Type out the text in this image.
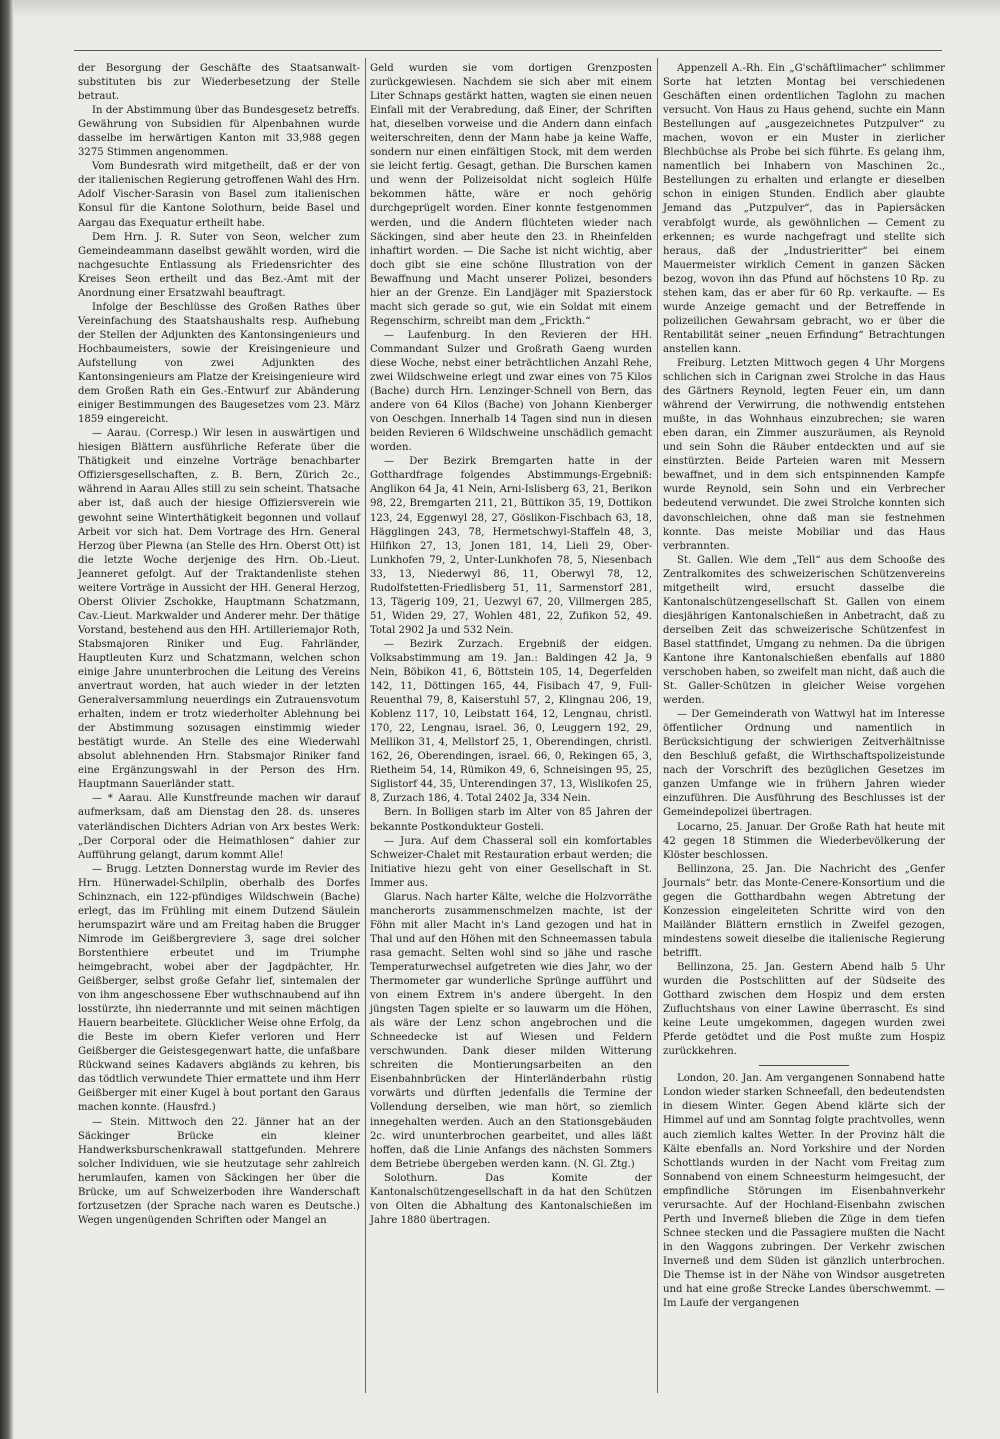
der Besorgung der Geschäfte des Staatsanwalt-substituten bis zur Wiederbesetzung der Stelle betraut.

In der Abstimmung über das Bundesgesetz betreffs. Gewährung von Subsidien für Alpenbahnen wurde dasselbe im herwärtigen Kanton mit 33,988 gegen 3275 Stimmen angenommen.

Vom Bundesrath wird mitgetheilt, daß er der von der italienischen Regierung getroffenen Wahl des Hrn. Adolf Vischer-Sarasin von Basel zum italienischen Konsul für die Kantone Solothurn, beide Basel und Aargau das Exequatur ertheilt habe.

Dem Hrn. J. R. Suter von Seon, welcher zum Gemeindeammann daselbst gewählt worden, wird die nachgesuchte Entlassung als Friedensrichter des Kreises Seon ertheilt und das Bez.-Amt mit der Anordnung einer Ersatzwahl beauftragt.

Infolge der Beschlüsse des Großen Rathes über Vereinfachung des Staatshaushalts resp. Aufhebung der Stellen der Adjunkten des Kantonsingenieurs und Hochbaumeisters, sowie der Kreisingenieure und Aufstellung von zwei Adjunkten des Kantonsingenieurs am Platze der Kreisingenieure wird dem Großen Rath ein Ges.-Entwurf zur Abänderung einiger Bestimmungen des Baugesetzes vom 23. März 1859 eingereicht.

— Aarau. (Corresp.) Wir lesen in auswärtigen und hiesigen Blättern ausführliche Referate über die Thätigkeit und einzelne Vorträge benachbarter Offiziersgesellschaften, z. B. Bern, Zürich 2c., während in Aarau Alles still zu sein scheint. Thatsache aber ist, daß auch der hiesige Offiziersverein wie gewohnt seine Winterthätigkeit begonnen und vollauf Arbeit vor sich hat. Dem Vortrage des Hrn. General Herzog über Plewna (an Stelle des Hrn. Oberst Ott) ist die letzte Woche derjenige des Hrn. Ob.-Lieut. Jeanneret gefolgt. Auf der Traktandenliste stehen weitere Vorträge in Aussicht der HH. General Herzog, Oberst Olivier Zschokke, Hauptmann Schatzmann, Cav.-Lieut. Markwalder und Anderer mehr. Der thätige Vorstand, bestehend aus den HH. Artilleriemajor Roth, Stabsmajoren Riniker und Eug. Fahrländer, Hauptleuten Kurz und Schatzmann, welchen schon einige Jahre ununterbrochen die Leitung des Vereins anvertraut worden, hat auch wieder in der letzten Generalversammlung neuerdings ein Zutrauensvotum erhalten, indem er trotz wiederholter Ablehnung bei der Abstimmung sozusagen einstimmig wieder bestätigt wurde. An Stelle des eine Wiederwahl absolut ablehnenden Hrn. Stabsmajor Riniker fand eine Ergänzungswahl in der Person des Hrn. Hauptmann Sauerländer statt.

— * Aarau. Alle Kunstfreunde machen wir darauf aufmerksam, daß am Dienstag den 28. ds. unseres vaterländischen Dichters Adrian von Arx bestes Werk: „Der Corporal oder die Heimathlosen“ dahier zur Aufführung gelangt, darum kommt Alle!

— Brugg. Letzten Donnerstag wurde im Revier des Hrn. Hünerwadel-Schilplin, oberhalb des Dorfes Schinznach, ein 122-pfündiges Wildschwein (Bache) erlegt, das im Frühling mit einem Dutzend Säulein herumspazirt wäre und am Freitag haben die Brugger Nimrode im Geißbergreviere 3, sage drei solcher Borstenthiere erbeutet und im Triumphe heimgebracht, wobei aber der Jagdpächter, Hr. Geißberger, selbst große Gefahr lief, sintemalen der von ihm angeschossene Eber wuthschnaubend auf ihn losstürzte, ihn niederrannte und mit seinen mächtigen Hauern bearbeitete. Glücklicher Weise ohne Erfolg, da die Beste im obern Kiefer verloren und Herr Geißberger die Geistesgegenwart hatte, die unfaßbare Rückwand seines Kadavers abgiänds zu kehren, bis das tödtlich verwundete Thier ermattete und ihm Herr Geißberger mit einer Kugel à bout portant den Garaus machen konnte. (Hausfrd.)

— Stein. Mittwoch den 22. Jänner hat an der Säckinger Brücke ein kleiner Handwerksburschenkrawall stattgefunden. Mehrere solcher Individuen, wie sie heutzutage sehr zahlreich herumlaufen, kamen von Säckingen her über die Brücke, um auf Schweizerboden ihre Wanderschaft fortzusetzen (der Sprache nach waren es Deutsche.) Wegen ungenügenden Schriften oder Mangel an

Geld wurden sie vom dortigen Grenzposten zurückgewiesen. Nachdem sie sich aber mit einem Liter Schnaps gestärkt hatten, wagten sie einen neuen Einfall mit der Verabredung, daß Einer, der Schriften hat, dieselben vorweise und die Andern dann einfach weiterschreiten, denn der Mann habe ja keine Waffe, sondern nur einen einfältigen Stock, mit dem werden sie leicht fertig. Gesagt, gethan. Die Burschen kamen und wenn der Polizeisoldat nicht sogleich Hülfe bekommen hätte, wäre er noch gehörig durchgeprügelt worden. Einer konnte festgenommen werden, und die Andern flüchteten wieder nach Säckingen, sind aber heute den 23. in Rheinfelden inhaftirt worden. — Die Sache ist nicht wichtig, aber doch gibt sie eine schöne Illustration von der Bewaffnung und Macht unserer Polizei, besonders hier an der Grenze. Ein Landjäger mit Spazierstock macht sich gerade so gut, wie ein Soldat mit einem Regenschirm, schreibt man dem „Frickth.“

— Laufenburg. In den Revieren der HH. Commandant Sulzer und Großrath Gaeng wurden diese Woche, nebst einer beträchtlichen Anzahl Rehe, zwei Wildschweine erlegt und zwar eines von 75 Kilos (Bache) durch Hrn. Lenzinger-Schnell von Bern, das andere von 64 Kilos (Bache) von Johann Kienberger von Oeschgen. Innerhalb 14 Tagen sind nun in diesen beiden Revieren 6 Wildschweine unschädlich gemacht worden.

— Der Bezirk Bremgarten hatte in der Gotthardfrage folgendes Abstimmungs-Ergebniß: Anglikon 64 Ja, 41 Nein, Arni-Islisberg 63, 21, Berikon 98, 22, Bremgarten 211, 21, Büttikon 35, 19, Dottikon 123, 24, Eggenwyl 28, 27, Göslikon-Fischbach 63, 18, Hägglingen 243, 78, Hermetschwyl-Staffeln 48, 3, Hilfikon 27, 13, Jonen 181, 14, Lieli 29, Ober-Lunkhofen 79, 2, Unter-Lunkhofen 78, 5, Niesenbach 33, 13, Niederwyl 86, 11, Oberwyl 78, 12, Rudolfstetten-Friedlisberg 51, 11, Sarmenstorf 281, 13, Tägerig 109, 21, Uezwyl 67, 20, Villmergen 285, 51, Widen 29, 27, Wohlen 481, 22, Zufikon 52, 49. Total 2902 Ja und 532 Nein.

— Bezirk Zurzach. Ergebniß der eidgen. Volksabstimmung am 19. Jan.: Baldingen 42 Ja, 9 Nein, Böbikon 41, 6, Böttstein 105, 14, Degerfelden 142, 11, Döttingen 165, 44, Fisibach 47, 9, Full-Reuenthal 79, 8, Kaiserstuhl 57, 2, Klingnau 206, 19, Koblenz 117, 10, Leibstatt 164, 12, Lengnau, christl. 170, 22, Lengnau, israel. 36, 0, Leuggern 192, 29, Mellikon 31, 4, Mellstorf 25, 1, Oberendingen, christl. 162, 26, Oberendingen, israel. 66, 0, Rekingen 65, 3, Rietheim 54, 14, Rümikon 49, 6, Schneisingen 95, 25, Siglistorf 44, 35, Unterendingen 37, 13, Wislikofen 25, 8, Zurzach 186, 4. Total 2402 Ja, 334 Nein.

Bern. In Bolligen starb im Alter von 85 Jahren der bekannte Postkondukteur Gosteli.

— Jura. Auf dem Chasseral soll ein komfortables Schweizer-Chalet mit Restauration erbaut werden; die Initiative hiezu geht von einer Gesellschaft in St. Immer aus.

Glarus. Nach harter Kälte, welche die Holzvorräthe mancherorts zusammenschmelzen machte, ist der Föhn mit aller Macht in's Land gezogen und hat in Thal und auf den Höhen mit den Schneemassen tabula rasa gemacht. Selten wohl sind so jähe und rasche Temperaturwechsel aufgetreten wie dies Jahr, wo der Thermometer gar wunderliche Sprünge aufführt und von einem Extrem in's andere übergeht. In den jüngsten Tagen spielte er so lauwarm um die Höhen, als wäre der Lenz schon angebrochen und die Schneedecke ist auf Wiesen und Feldern verschwunden. Dank dieser milden Witterung schreiten die Montierungsarbeiten an den Eisenbahnbrücken der Hinterländerbahn rüstig vorwärts und dürften jedenfalls die Termine der Vollendung derselben, wie man hört, so ziemlich innegehalten werden. Auch an den Stationsgebäuden 2c. wird ununterbrochen gearbeitet, und alles läßt hoffen, daß die Linie Anfangs des nächsten Sommers dem Betriebe übergeben werden kann. (N. Gl. Ztg.)

Solothurn. Das Komite der Kantonalschützengesellschaft in da hat den Schützen von Olten die Abhaltung des Kantonalschießen im Jahre 1880 übertragen.

Appenzell A.-Rh. Ein „G'schäftlimacher“ schlimmer Sorte hat letzten Montag bei verschiedenen Geschäften einen ordentlichen Taglohn zu machen versucht. Von Haus zu Haus gehend, suchte ein Mann Bestellungen auf „ausgezeichnetes Putzpulver“ zu machen, wovon er ein Muster in zierlicher Blechbüchse als Probe bei sich führte. Es gelang ihm, namentlich bei Inhabern von Maschinen 2c., Bestellungen zu erhalten und erlangte er dieselben schon in einigen Stunden. Endlich aber glaubte Jemand das „Putzpulver“, das in Papiersäcken verabfolgt wurde, als gewöhnlichen — Cement zu erkennen; es wurde nachgefragt und stellte sich heraus, daß der „Industrieritter“ bei einem Mauermeister wirklich Cement in ganzen Säcken bezog, wovon ihn das Pfund auf höchstens 10 Rp. zu stehen kam, das er aber für 60 Rp. verkaufte. — Es wurde Anzeige gemacht und der Betreffende in polizeilichen Gewahrsam gebracht, wo er über die Rentabilität seiner „neuen Erfindung“ Betrachtungen anstellen kann.

Freiburg. Letzten Mittwoch gegen 4 Uhr Morgens schlichen sich in Carignan zwei Strolche in das Haus des Gärtners Reynold, legten Feuer ein, um dann während der Verwirrung, die nothwendig entstehen mußte, in das Wohnhaus einzubrechen; sie waren eben daran, ein Zimmer auszuräumen, als Reynold und sein Sohn die Räuber entdeckten und auf sie einstürzten. Beide Parteien waren mit Messern bewaffnet, und in dem sich entspinnenden Kampfe wurde Reynold, sein Sohn und ein Verbrecher bedeutend verwundet. Die zwei Strolche konnten sich davonschleichen, ohne daß man sie festnehmen konnte. Das meiste Mobiliar und das Haus verbrannten.

St. Gallen. Wie dem „Tell“ aus dem Schooße des Zentralkomites des schweizerischen Schützenvereins mitgetheilt wird, ersucht dasselbe die Kantonalschützengesellschaft St. Gallen von einem diesjährigen Kantonalschießen in Anbetracht, daß zu derselben Zeit das schweizerische Schützenfest in Basel stattfindet, Umgang zu nehmen. Da die übrigen Kantone ihre Kantonalschießen ebenfalls auf 1880 verschoben haben, so zweifelt man nicht, daß auch die St. Galler-Schützen in gleicher Weise vorgehen werden.

— Der Gemeinderath von Wattwyl hat im Interesse öffentlicher Ordnung und namentlich in Berücksichtigung der schwierigen Zeitverhältnisse den Beschluß gefaßt, die Wirthschaftspolizeistunde nach der Vorschrift des bezüglichen Gesetzes im ganzen Umfange wie in frühern Jahren wieder einzuführen. Die Ausführung des Beschlusses ist der Gemeindepolizei übertragen.

Locarno, 25. Januar. Der Große Rath hat heute mit 42 gegen 18 Stimmen die Wiederbevölkerung der Klöster beschlossen.

Bellinzona, 25. Jan. Die Nachricht des „Genfer Journals“ betr. das Monte-Cenere-Konsortium und die gegen die Gotthardbahn wegen Abtretung der Konzession eingeleiteten Schritte wird von den Mailänder Blättern ernstlich in Zweifel gezogen, mindestens soweit dieselbe die italienische Regierung betrifft.

Bellinzona, 25. Jan. Gestern Abend halb 5 Uhr wurden die Postschlitten auf der Südseite des Gotthard zwischen dem Hospiz und dem ersten Zufluchtshaus von einer Lawine überrascht. Es sind keine Leute umgekommen, dagegen wurden zwei Pferde getödtet und die Post mußte zum Hospiz zurückkehren.

London, 20. Jan. Am vergangenen Sonnabend hatte London wieder starken Schneefall, den bedeutendsten in diesem Winter. Gegen Abend klärte sich der Himmel auf und am Sonntag folgte prachtvolles, wenn auch ziemlich kaltes Wetter. In der Provinz hält die Kälte ebenfalls an. Nord Yorkshire und der Norden Schottlands wurden in der Nacht vom Freitag zum Sonnabend von einem Schneesturm heimgesucht, der empfindliche Störungen im Eisenbahnverkehr verursachte. Auf der Hochland-Eisenbahn zwischen Perth und Inverneß blieben die Züge in dem tiefen Schnee stecken und die Passagiere mußten die Nacht in den Waggons zubringen. Der Verkehr zwischen Inverneß und dem Süden ist gänzlich unterbrochen. Die Themse ist in der Nähe von Windsor ausgetreten und hat eine große Strecke Landes überschwemmt. — Im Laufe der vergangenen
